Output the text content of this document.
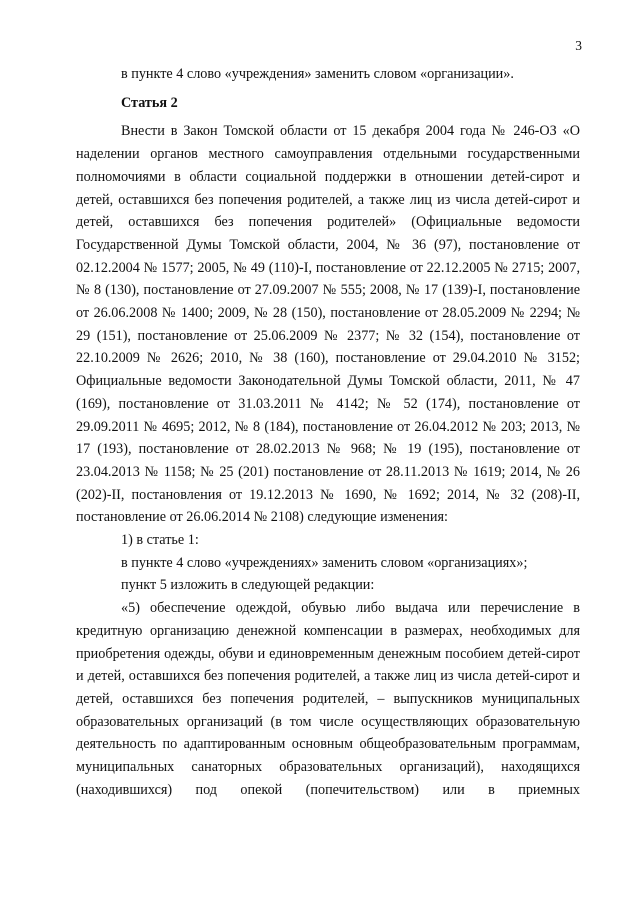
3

в пункте 4 слово «учреждения» заменить словом «организации».

Статья 2

Внести в Закон Томской области от 15 декабря 2004 года № 246-ОЗ «О наделении органов местного самоуправления отдельными государственными полномочиями в области социальной поддержки в отношении детей-сирот и детей, оставшихся без попечения родителей, а также лиц из числа детей-сирот и детей, оставшихся без попечения родителей» (Официальные ведомости Государственной Думы Томской области, 2004, № 36 (97), постановление от 02.12.2004 № 1577; 2005, № 49 (110)-I, постановление от 22.12.2005 № 2715; 2007, № 8 (130), постановление от 27.09.2007 № 555; 2008, № 17 (139)-I, постановление от 26.06.2008 № 1400; 2009, № 28 (150), постановление от 28.05.2009 № 2294; № 29 (151), постановление от 25.06.2009 № 2377; № 32 (154), постановление от 22.10.2009 № 2626; 2010, № 38 (160), постановление от 29.04.2010 № 3152; Официальные ведомости Законодательной Думы Томской области, 2011, № 47 (169), постановление от 31.03.2011 № 4142; № 52 (174), постановление от 29.09.2011 № 4695; 2012, № 8 (184), постановление от 26.04.2012 № 203; 2013, № 17 (193), постановление от 28.02.2013 № 968; № 19 (195), постановление от 23.04.2013 № 1158; № 25 (201) постановление от 28.11.2013 № 1619; 2014, № 26 (202)-II, постановления от 19.12.2013 № 1690, № 1692; 2014, № 32 (208)-II, постановление от 26.06.2014 № 2108) следующие изменения:

1) в статье 1:

в пункте 4 слово «учреждениях» заменить словом «организациях»;

пункт 5 изложить в следующей редакции:

«5) обеспечение одеждой, обувью либо выдача или перечисление в кредитную организацию денежной компенсации в размерах, необходимых для приобретения одежды, обуви и единовременным денежным пособием детей-сирот и детей, оставшихся без попечения родителей, а также лиц из числа детей-сирот и детей, оставшихся без попечения родителей, – выпускников муниципальных образовательных организаций (в том числе осуществляющих образовательную деятельность по адаптированным основным общеобразовательным программам, муниципальных санаторных образовательных организаций), находящихся (находившихся) под опекой (попечительством) или в приемных
